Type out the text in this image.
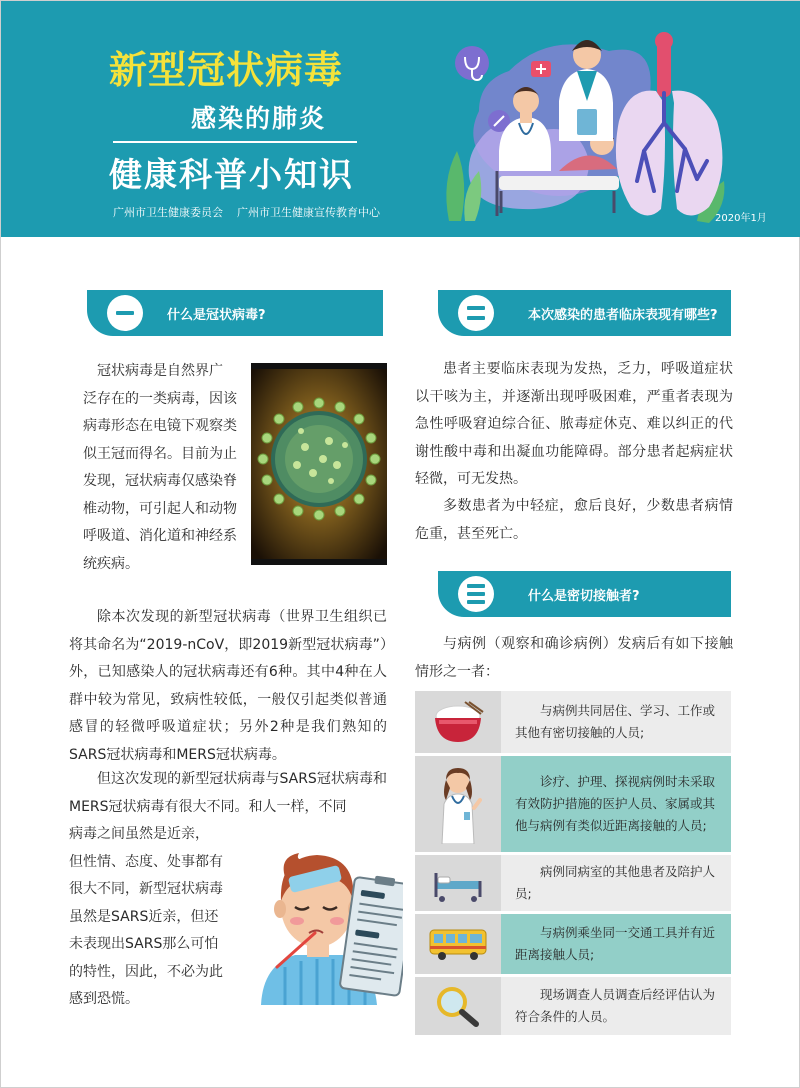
新型冠状病毒
感染的肺炎
健康科普小知识
广州市卫生健康委员会 广州市卫生健康宣传教育中心	2020年1月
什么是冠状病毒?
冠状病毒是自然界广
泛存在的一类病毒，因该
病毒形态在电镜下观察类
似王冠而得名。目前为止
发现，冠状病毒仅感染脊
椎动物，可引起人和动物
呼吸道、消化道和神经系
统疾病。
除本次发现的新型冠状病毒（世界卫生组织已将其命名为“2019-nCoV，即2019新型冠状病毒”）外，已知感染人的冠状病毒还有6种。其中4种在人群中较为常见，致病性较低，一般仅引起类似普通感冒的轻微呼吸道症状；另外2种是我们熟知的SARS冠状病毒和MERS冠状病毒。
但这次发现的新型冠状病毒与SARS冠状病毒和MERS冠状病毒有很大不同。和人一样，不同
病毒之间虽然是近亲，
但性情、态度、处事都有
很大不同，新型冠状病毒
虽然是SARS近亲，但还
未表现出SARS那么可怕
的特性，因此，不必为此
感到恐慌。
本次感染的患者临床表现有哪些?
患者主要临床表现为发热，乏力，呼吸道症状以干咳为主，并逐渐出现呼吸困难，严重者表现为急性呼吸窘迫综合征、脓毒症休克、难以纠正的代谢性酸中毒和出凝血功能障碍。部分患者起病症状轻微，可无发热。
多数患者为中轻症，愈后良好，少数患者病情危重，甚至死亡。
什么是密切接触者?
与病例（观察和确诊病例）发病后有如下接触情形之一者：
与病例共同居住、学习、工作或其他有密切接触的人员;
诊疗、护理、探视病例时未采取有效防护措施的医护人员、家属或其他与病例有类似近距离接触的人员;
病例同病室的其他患者及陪护人员;
与病例乘坐同一交通工具并有近距离接触人员;
现场调查人员调查后经评估认为符合条件的人员。
